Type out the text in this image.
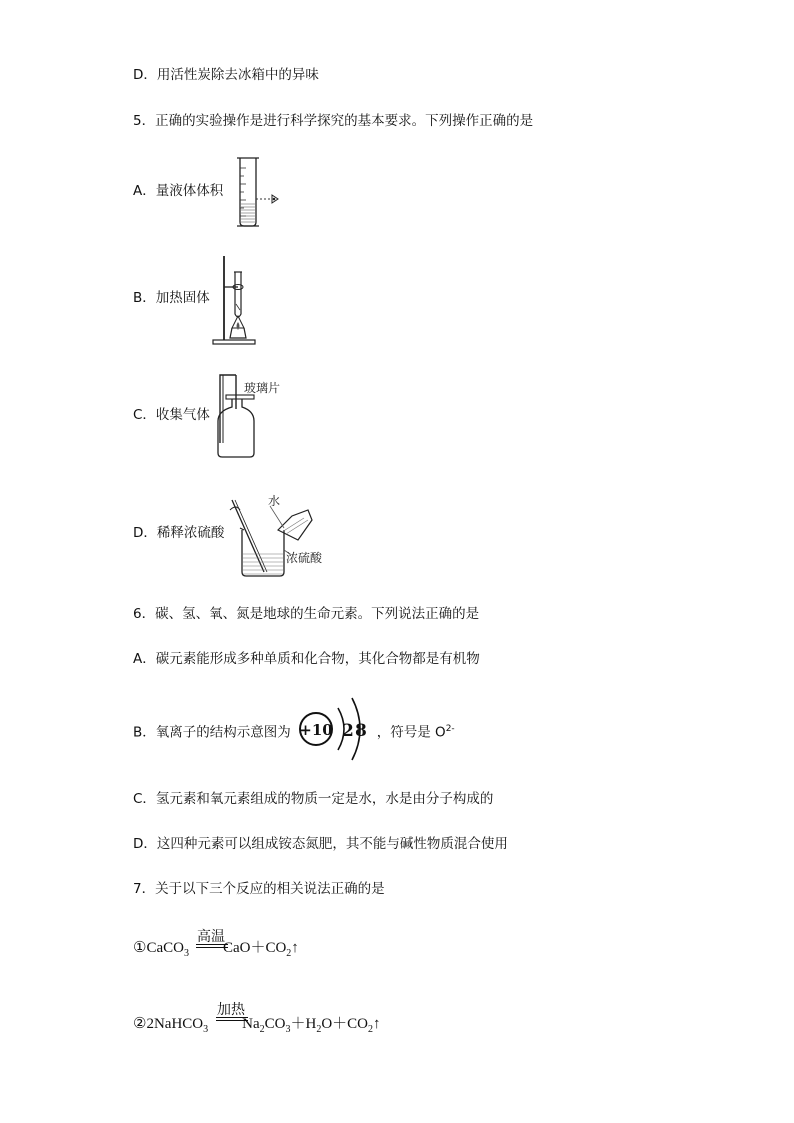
D．用活性炭除去冰箱中的异味
5．正确的实验操作是进行科学探究的基本要求。下列操作正确的是
A．量液体体积
B．加热固体
C．收集气体
玻璃片
D．稀释浓硫酸
水
浓硫酸
6．碳、氢、氧、氮是地球的生命元素。下列说法正确的是
A．碳元素能形成多种单质和化合物，其化合物都是有机物
B．氧离子的结构示意图为	，符号是 $O^{2-}$
+10 2 8
C．氢元素和氧元素组成的物质一定是水，水是由分子构成的
D．这四种元素可以组成铵态氮肥，其不能与碱性物质混合使用
7．关于以下三个反应的相关说法正确的是
高温
①CaCO$_3$ $CaO+CO_2↑$
加热
②2NaHCO$_3$ $Na_2CO_3+H_2O+CO_2↑$
